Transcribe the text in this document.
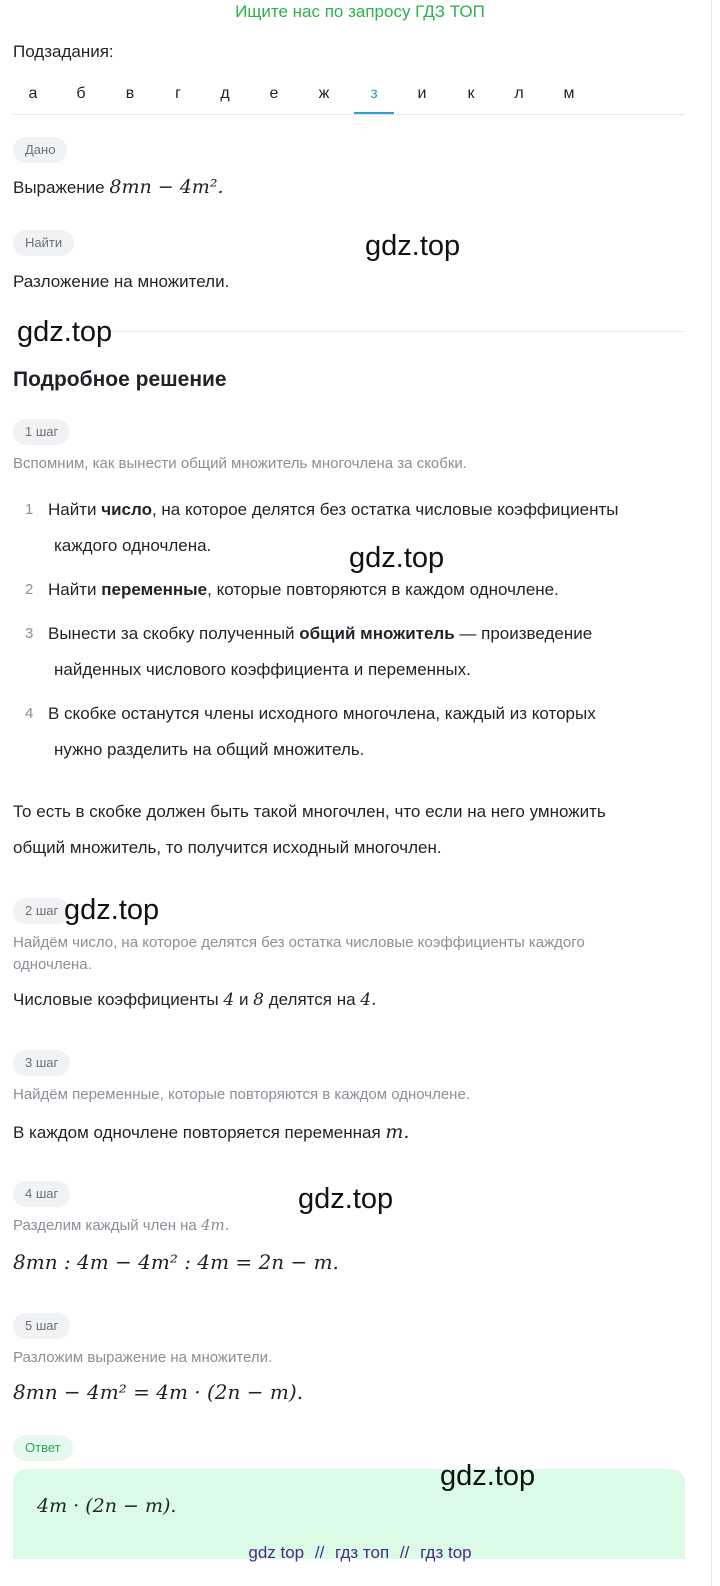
Ищите нас по запросу ГДЗ ТОП
Подзадания:
а	б	в	г	д	е	ж	з	и	к	л	м
Дано
Выражение 8mn − 4m².
Найти
Разложение на множители.
Подробное решение
1 шаг
Вспомним, как вынести общий множитель многочлена за скобки.
1 Найти число, на которое делятся без остатка числовые коэффициенты
каждого одночлена.
2 Найти переменные, которые повторяются в каждом одночлене.
3 Вынести за скобку полученный общий множитель — произведение
найденных числового коэффициента и переменных.
4 В скобке останутся члены исходного многочлена, каждый из которых
нужно разделить на общий множитель.
То есть в скобке должен быть такой многочлен, что если на него умножить
общий множитель, то получится исходный многочлен.
2 шаг
Найдём число, на которое делятся без остатка числовые коэффициенты каждого
одночлена.
Числовые коэффициенты 4 и 8 делятся на 4.
3 шаг
Найдём переменные, которые повторяются в каждом одночлене.
В каждом одночлене повторяется переменная m.
4 шаг
Разделим каждый член на 4m.
8mn : 4m − 4m² : 4m = 2n − m.
5 шаг
Разложим выражение на множители.
8mn − 4m² = 4m · (2n − m).
Ответ
4m · (2n − m).
gdz.top
gdz.top
gdz.top
gdz.top
gdz.top
gdz.top
gdz top // гдз топ // гдз top
